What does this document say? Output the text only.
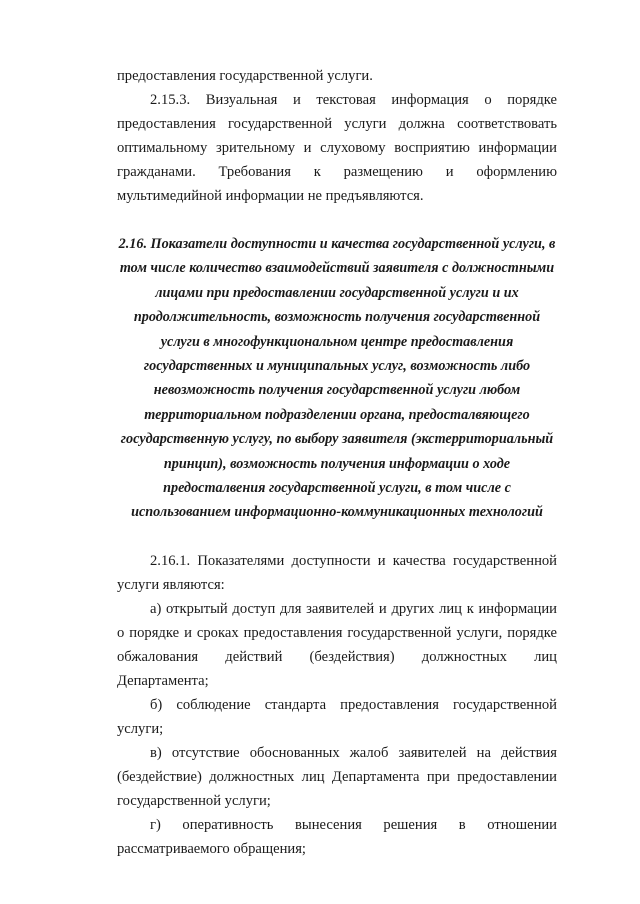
предоставления государственной услуги.

2.15.3. Визуальная и текстовая информация о порядке предоставления государственной услуги должна соответствовать оптимальному зрительному и слуховому восприятию информации гражданами. Требования к размещению и оформлению мультимедийной информации не предъявляются.

2.16. Показатели доступности и качества государственной услуги, в том числе количество взаимодействий заявителя с должностными лицами при предоставлении государственной услуги и их продолжительность, возможность получения государственной услуги в многофункциональном центре предоставления государственных и муниципальных услуг, возможность либо невозможность получения государственной услуги любом территориальном подразделении органа, предосталвяющего государственную услугу, по выбору заявителя (экстерриториальный принцип), возможность получения информации о ходе предосталвения государственной услуги, в том числе с использованием информационно-коммуникационных технологий

2.16.1. Показателями доступности и качества государственной услуги являются:

а) открытый доступ для заявителей и других лиц к информации о порядке и сроках предоставления государственной услуги, порядке обжалования действий (бездействия) должностных лиц Департамента;

б) соблюдение стандарта предоставления государственной услуги;

в) отсутствие обоснованных жалоб заявителей на действия (бездействие) должностных лиц Департамента при предоставлении государственной услуги;

г) оперативность вынесения решения в отношении рассматриваемого обращения;
